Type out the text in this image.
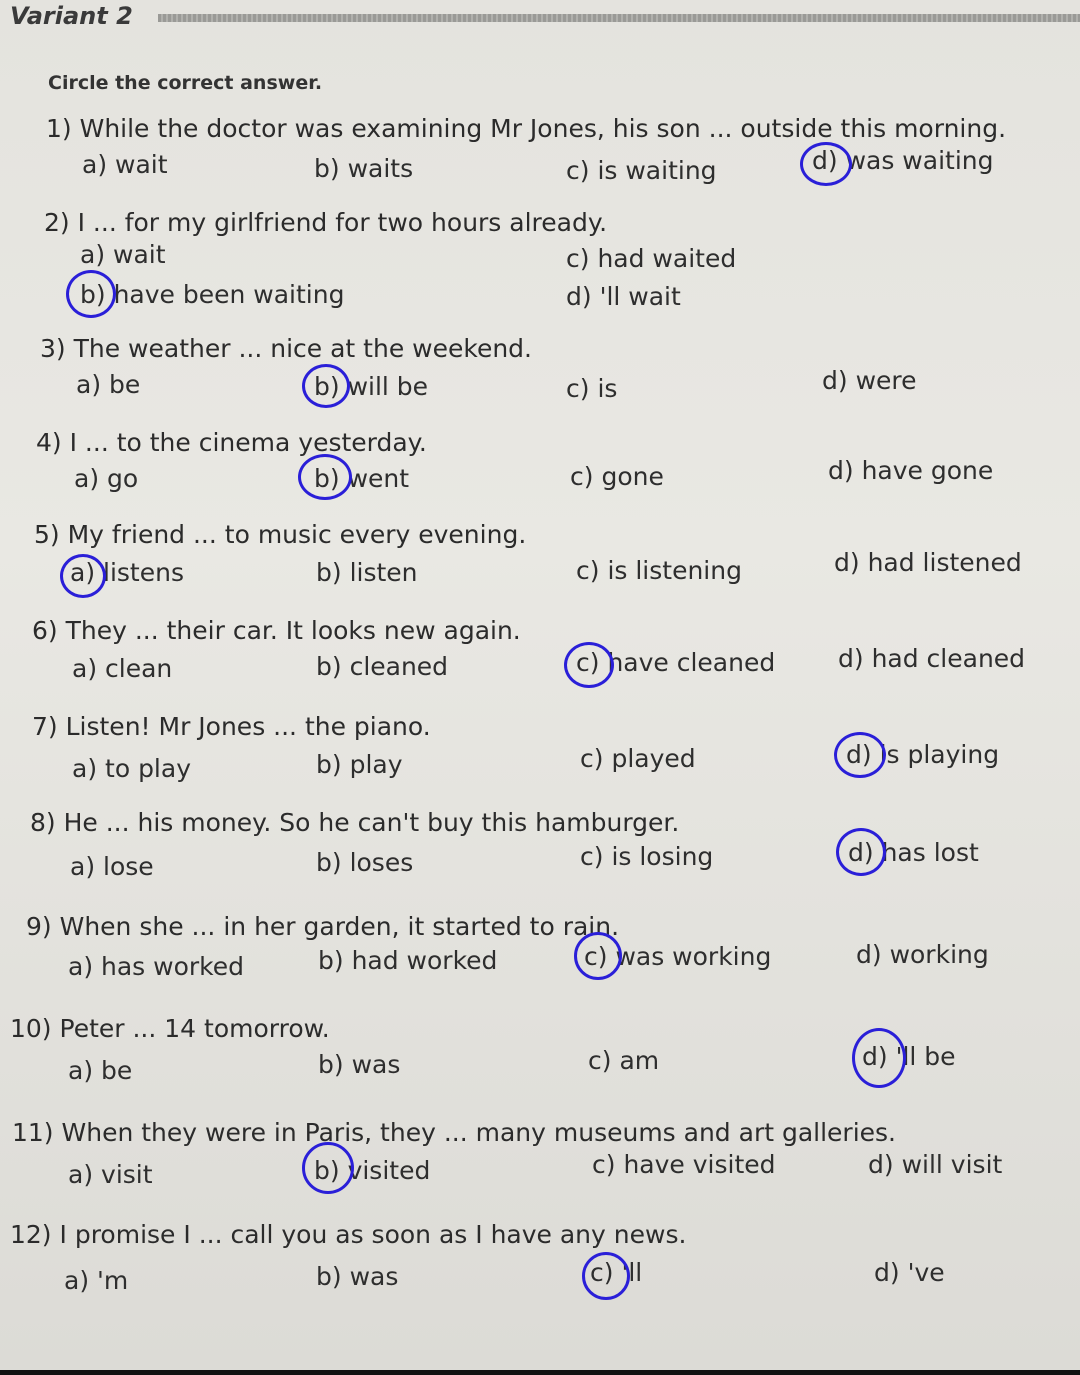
Variant 2
Circle the correct answer.
1) While the doctor was examining Mr Jones, his son ... outside this morning.
a) wait	b) waits	c) is waiting	d) was waiting
2) I ... for my girlfriend for two hours already.
a) wait
b) have been waiting
c) had waited
d) 'll wait
3) The weather ... nice at the weekend.
a) be	b) will be	c) is	d) were
4) I ... to the cinema yesterday.
a) go	b) went	c) gone	d) have gone
5) My friend ... to music every evening.
a) listens	b) listen	c) is listening	d) had listened
6) They ... their car. It looks new again.
a) clean	b) cleaned	c) have cleaned	d) had cleaned
7) Listen! Mr Jones ... the piano.
a) to play	b) play	c) played	d) is playing
8) He ... his money. So he can't buy this hamburger.
a) lose	b) loses	c) is losing	d) has lost
9) When she ... in her garden, it started to rain.
a) has worked	b) had worked	c) was working	d) working
10) Peter ... 14 tomorrow.
a) be	b) was	c) am	d) 'll be
11) When they were in Paris, they ... many museums and art galleries.
a) visit	b) visited	c) have visited	d) will visit
12) I promise I ... call you as soon as I have any news.
a) 'm	b) was	c) 'll	d) 've
